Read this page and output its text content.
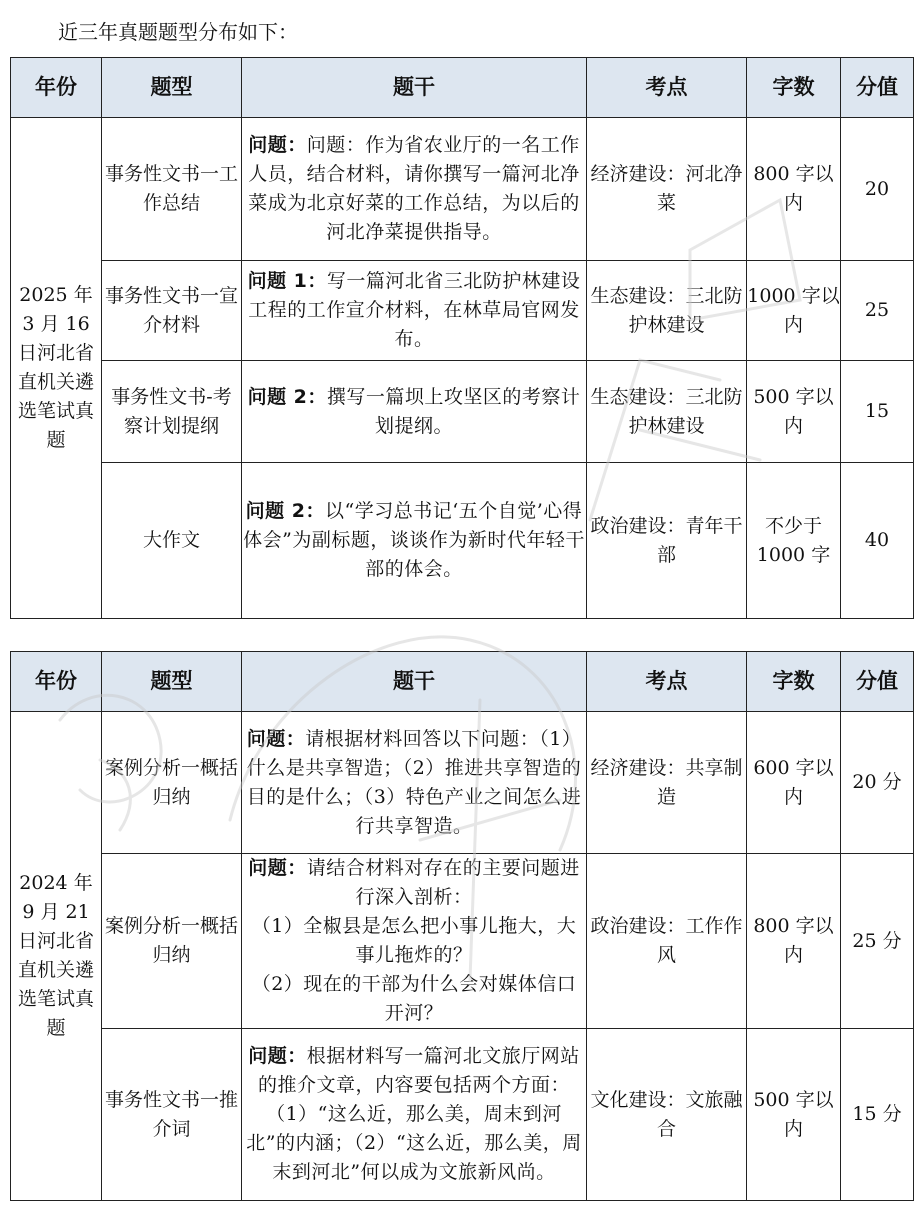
近三年真题题型分布如下：
年份	题型	题干	考点	字数	分值
2025 年 3 月 16 日河北省直机关遴选笔试真题	事务性文书一工作总结	问题：问题：作为省农业厅的一名工作人员，结合材料，请你撰写一篇河北净菜成为北京好菜的工作总结，为以后的河北净菜提供指导。	经济建设：河北净菜	800 字以内	20
	事务性文书一宣介材料	问题 1：写一篇河北省三北防护林建设工程的工作宣介材料，在林草局官网发布。	生态建设：三北防护林建设	1000 字以内	25
	事务性文书-考察计划提纲	问题 2：撰写一篇坝上攻坚区的考察计划提纲。	生态建设：三北防护林建设	500 字以内	15
	大作文	问题 2：以“学习总书记‘五个自觉’心得体会”为副标题，谈谈作为新时代年轻干部的体会。	政治建设：青年干部	不少于 1000 字	40
年份	题型	题干	考点	字数	分值
2024 年 9 月 21 日河北省直机关遴选笔试真题	案例分析一概括归纳	问题：请根据材料回答以下问题：（1）什么是共享智造；（2）推进共享智造的目的是什么；（3）特色产业之间怎么进行共享智造。	经济建设：共享制造	600 字以内	20 分
	案例分析一概括归纳	问题：请结合材料对存在的主要问题进行深入剖析：
（1）全椒县是怎么把小事儿拖大，大事儿拖炸的？
（2）现在的干部为什么会对媒体信口开河？	政治建设：工作作风	800 字以内	25 分
	事务性文书一推介词	问题：根据材料写一篇河北文旅厅网站的推介文章，内容要包括两个方面：（1）“这么近，那么美，周末到河北”的内涵；（2）“这么近，那么美，周末到河北”何以成为文旅新风尚。	文化建设：文旅融合	500 字以内	15 分
